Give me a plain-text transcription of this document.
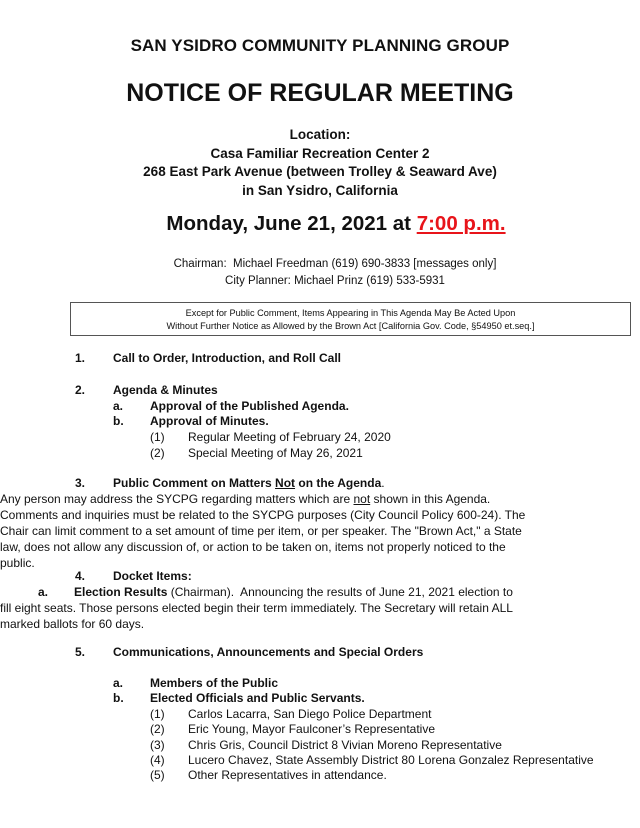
SAN YSIDRO COMMUNITY PLANNING GROUP
NOTICE OF REGULAR MEETING
Location:
Casa Familiar Recreation Center 2
268 East Park Avenue (between Trolley & Seaward Ave)
in San Ysidro, California
Monday, June 21, 2021 at 7:00 p.m.
Chairman:  Michael Freedman (619) 690-3833 [messages only]
City Planner: Michael Prinz (619) 533-5931
Except for Public Comment, Items Appearing in This Agenda May Be Acted Upon
Without Further Notice as Allowed by the Brown Act [California Gov. Code, §54950 et.seq.]
1. Call to Order, Introduction, and Roll Call
2. Agenda & Minutes
a. Approval of the Published Agenda.
b. Approval of Minutes.
(1) Regular Meeting of February 24, 2020
(2) Special Meeting of May 26, 2021
3. Public Comment on Matters Not on the Agenda.
Any person may address the SYCPG regarding matters which are not shown in this Agenda. Comments and inquiries must be related to the SYCPG purposes (City Council Policy 600-24). The Chair can limit comment to a set amount of time per item, or per speaker. The "Brown Act," a State law, does not allow any discussion of, or action to be taken on, items not properly noticed to the public.
4. Docket Items:
a. Election Results (Chairman).  Announcing the results of June 21, 2021 election to fill eight seats. Those persons elected begin their term immediately. The Secretary will retain ALL marked ballots for 60 days.
5. Communications, Announcements and Special Orders
a. Members of the Public
b. Elected Officials and Public Servants.
(1) Carlos Lacarra, San Diego Police Department
(2) Eric Young, Mayor Faulconer’s Representative
(3) Chris Gris, Council District 8 Vivian Moreno Representative
(4) Lucero Chavez, State Assembly District 80 Lorena Gonzalez Representative
(5) Other Representatives in attendance.
